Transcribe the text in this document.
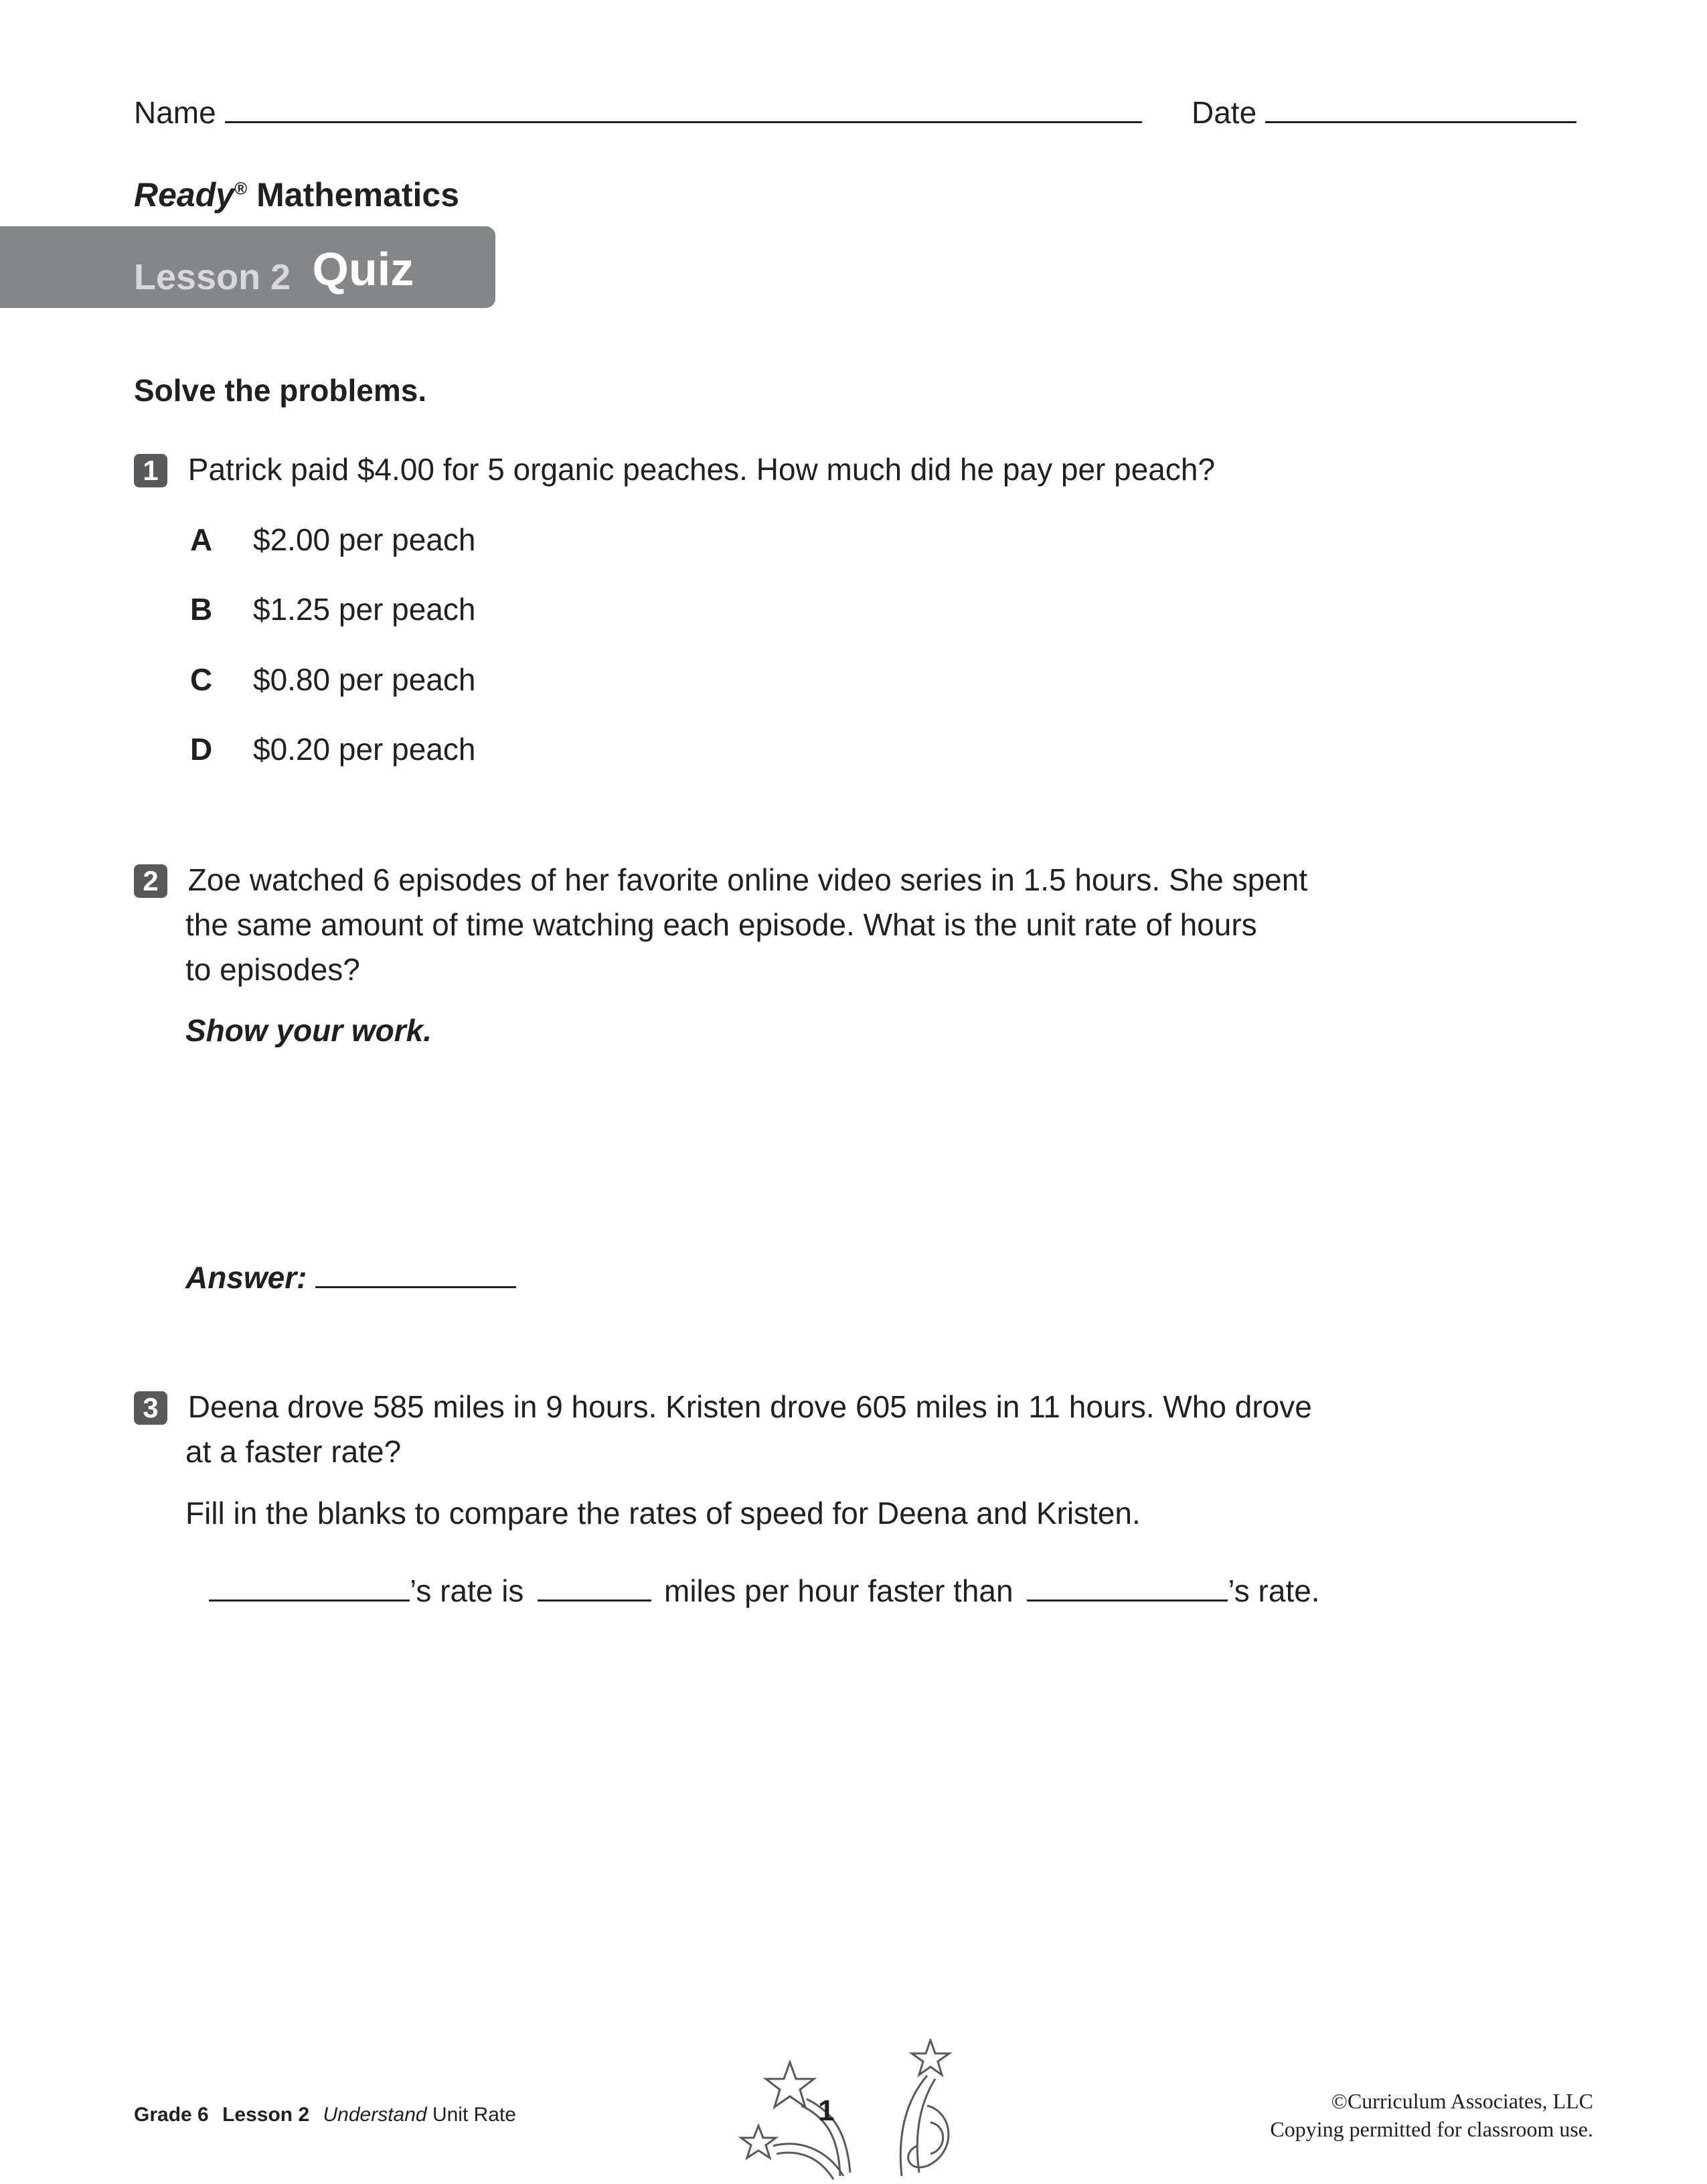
Name	Date
Ready® Mathematics
Lesson 2 Quiz
Solve the problems.
1 Patrick paid $4.00 for 5 organic peaches. How much did he pay per peach?
A $2.00 per peach
B $1.25 per peach
C $0.80 per peach
D $0.20 per peach
2 Zoe watched 6 episodes of her favorite online video series in 1.5 hours. She spent
the same amount of time watching each episode. What is the unit rate of hours
to episodes?
Show your work.
Answer:
3 Deena drove 585 miles in 9 hours. Kristen drove 605 miles in 11 hours. Who drove
at a faster rate?
Fill in the blanks to compare the rates of speed for Deena and Kristen.
’s rate is	miles per hour faster than	’s rate.
Grade 6 Lesson 2 Understand Unit Rate	1	©Curriculum Associates, LLC
Copying permitted for classroom use.
